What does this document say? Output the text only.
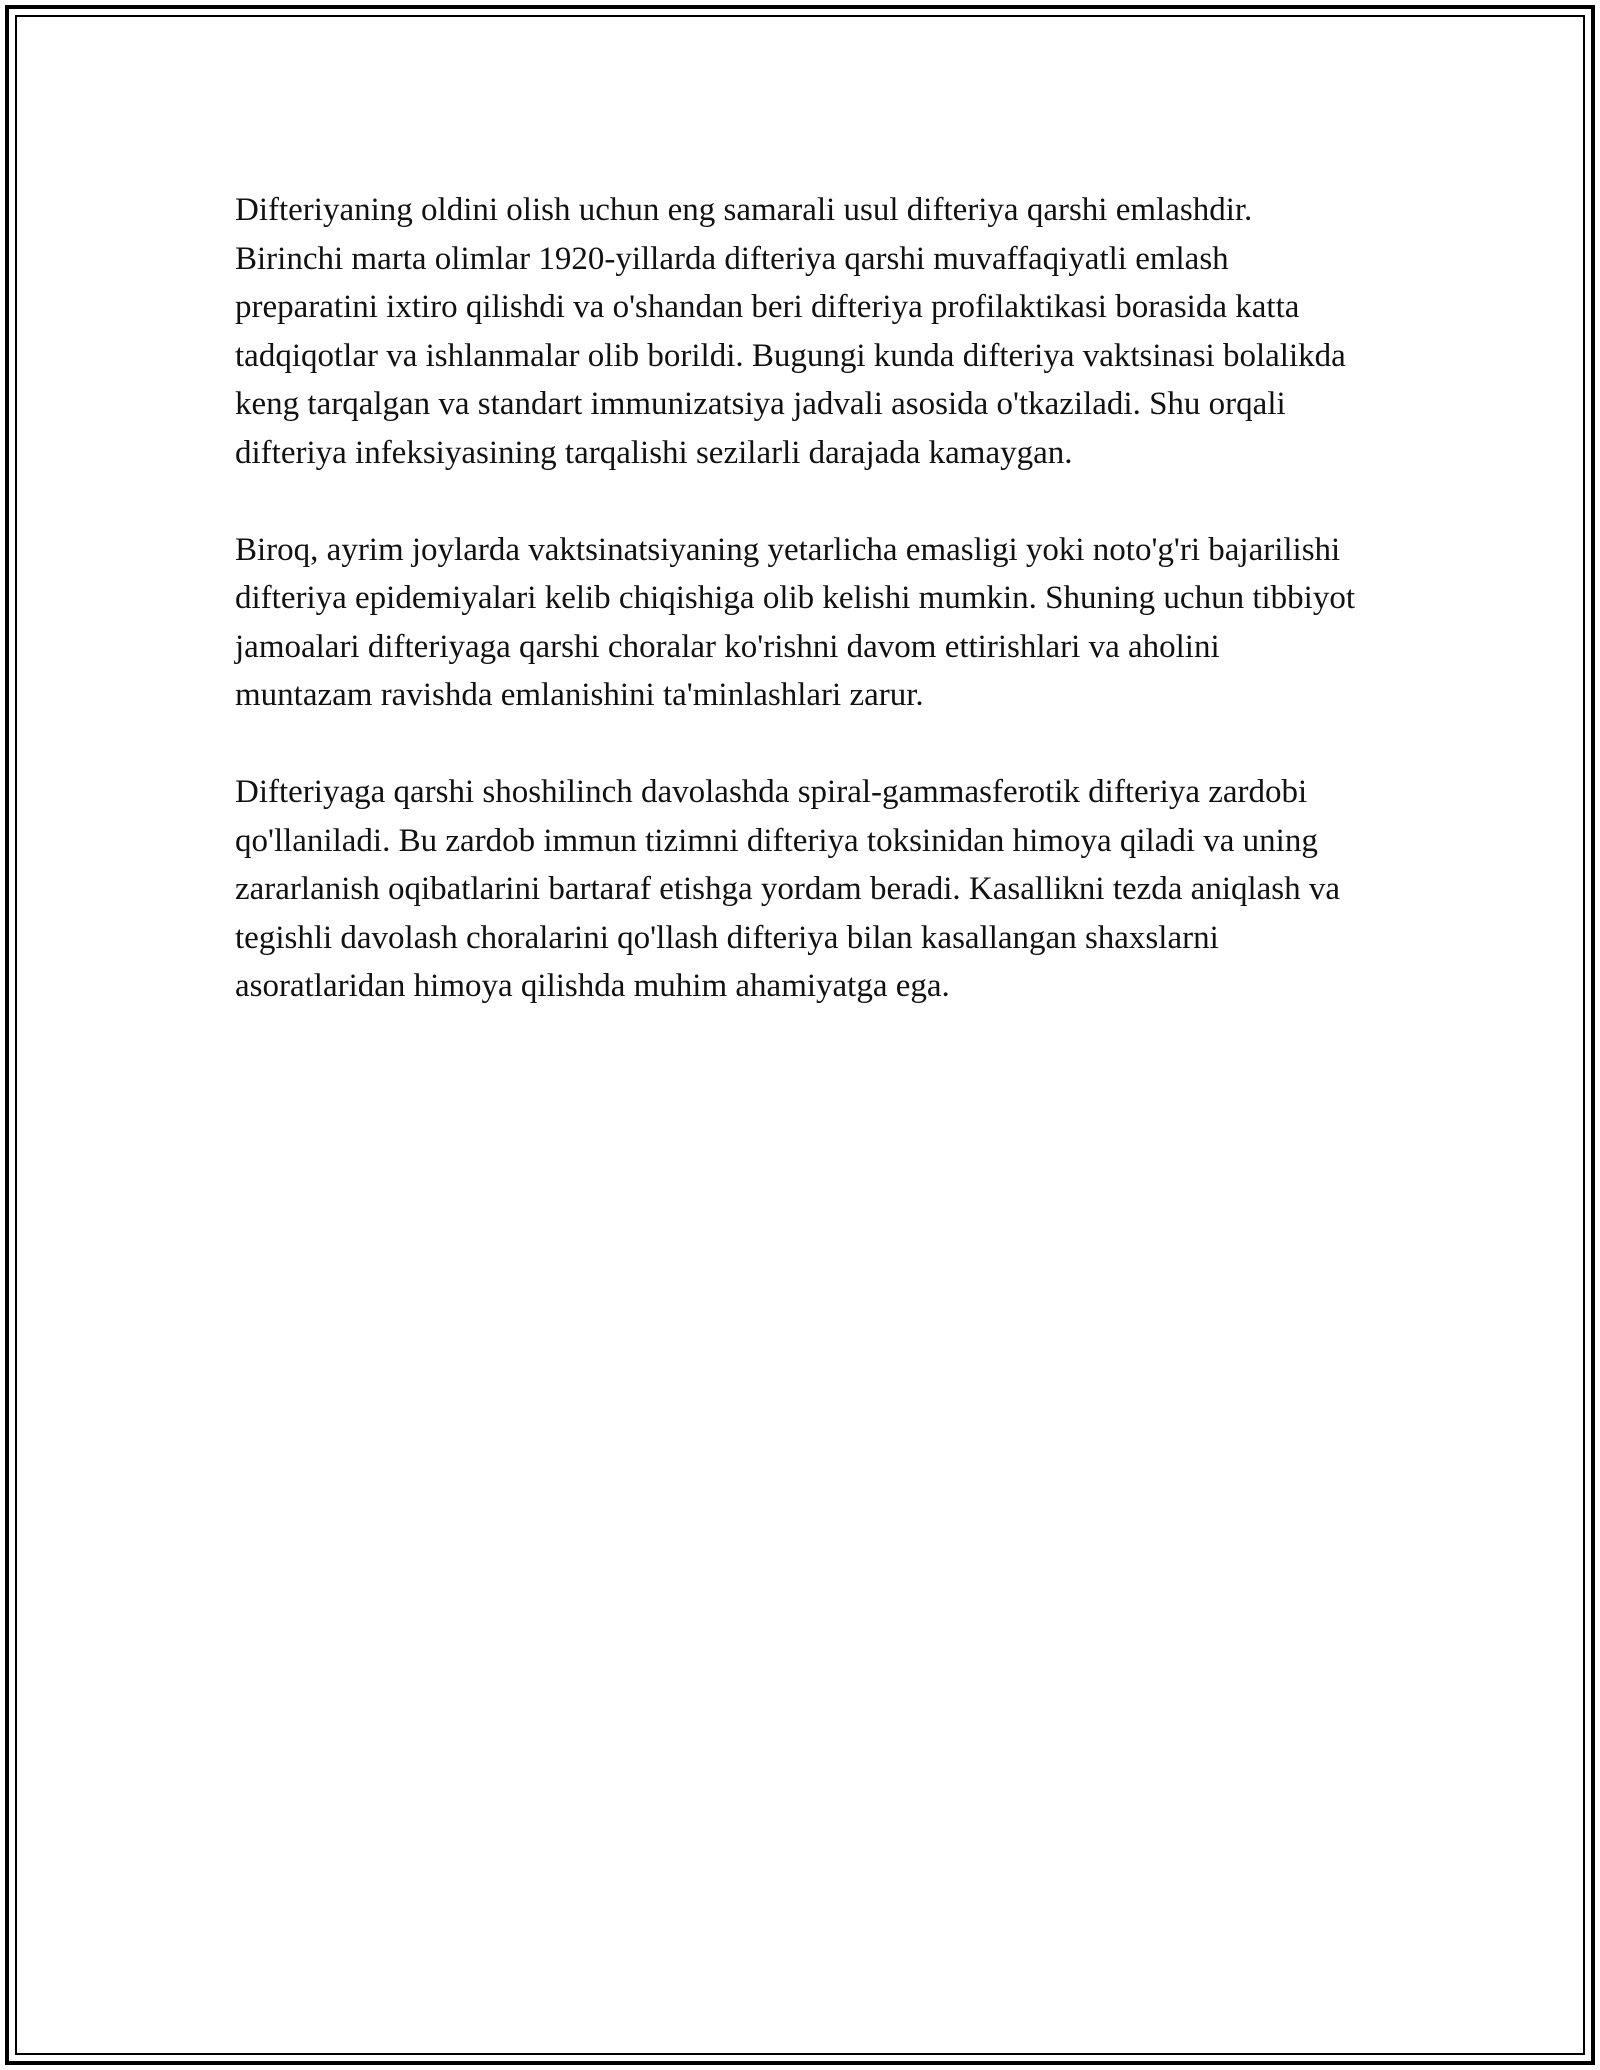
Difteriyaning oldini olish uchun eng samarali usul difteriya qarshi emlashdir. Birinchi marta olimlar 1920-yillarda difteriya qarshi muvaffaqiyatli emlash preparatini ixtiro qilishdi va o'shandan beri difteriya profilaktikasi borasida katta tadqiqotlar va ishlanmalar olib borildi. Bugungi kunda difteriya vaktsinasi bolalikda keng tarqalgan va standart immunizatsiya jadvali asosida o'tkaziladi. Shu orqali difteriya infeksiyasining tarqalishi sezilarli darajada kamaygan.

Biroq, ayrim joylarda vaktsinatsiyaning yetarlicha emasligi yoki noto'g'ri bajarilishi difteriya epidemiyalari kelib chiqishiga olib kelishi mumkin. Shuning uchun tibbiyot jamoalari difteriyaga qarshi choralar ko'rishni davom ettirishlari va aholini muntazam ravishda emlanishini ta'minlashlari zarur.

Difteriyaga qarshi shoshilinch davolashda spiral-gammasferotik difteriya zardobi qo'llaniladi. Bu zardob immun tizimni difteriya toksinidan himoya qiladi va uning zararlanish oqibatlarini bartaraf etishga yordam beradi. Kasallikni tezda aniqlash va tegishli davolash choralarini qo'llash difteriya bilan kasallangan shaxslarni asoratlaridan himoya qilishda muhim ahamiyatga ega.
